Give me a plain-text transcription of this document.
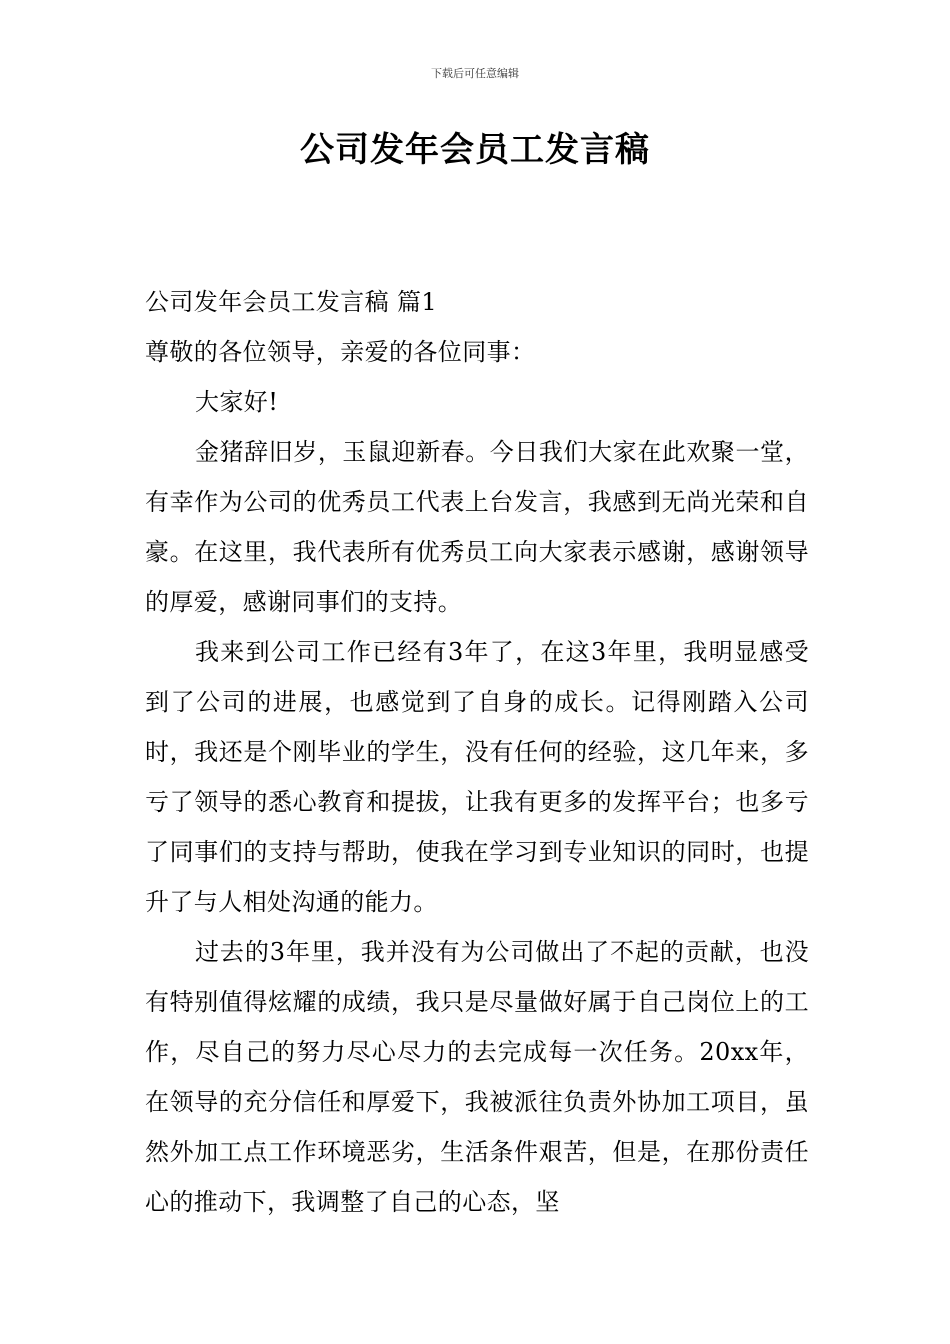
下载后可任意编辑
公司发年会员工发言稿

公司发年会员工发言稿 篇1

尊敬的各位领导，亲爱的各位同事：

大家好!

金猪辞旧岁，玉鼠迎新春。今日我们大家在此欢聚一堂，有幸作为公司的优秀员工代表上台发言，我感到无尚光荣和自豪。在这里，我代表所有优秀员工向大家表示感谢，感谢领导的厚爱，感谢同事们的支持。

我来到公司工作已经有3年了，在这3年里，我明显感受到了公司的进展，也感觉到了自身的成长。记得刚踏入公司时，我还是个刚毕业的学生，没有任何的经验，这几年来，多亏了领导的悉心教育和提拔，让我有更多的发挥平台；也多亏了同事们的支持与帮助，使我在学习到专业知识的同时，也提升了与人相处沟通的能力。

过去的3年里，我并没有为公司做出了不起的贡献，也没有特别值得炫耀的成绩，我只是尽量做好属于自己岗位上的工作，尽自己的努力尽心尽力的去完成每一次任务。20xx年，在领导的充分信任和厚爱下，我被派往负责外协加工项目，虽然外加工点工作环境恶劣，生活条件艰苦，但是，在那份责任心的推动下，我调整了自己的心态，坚
